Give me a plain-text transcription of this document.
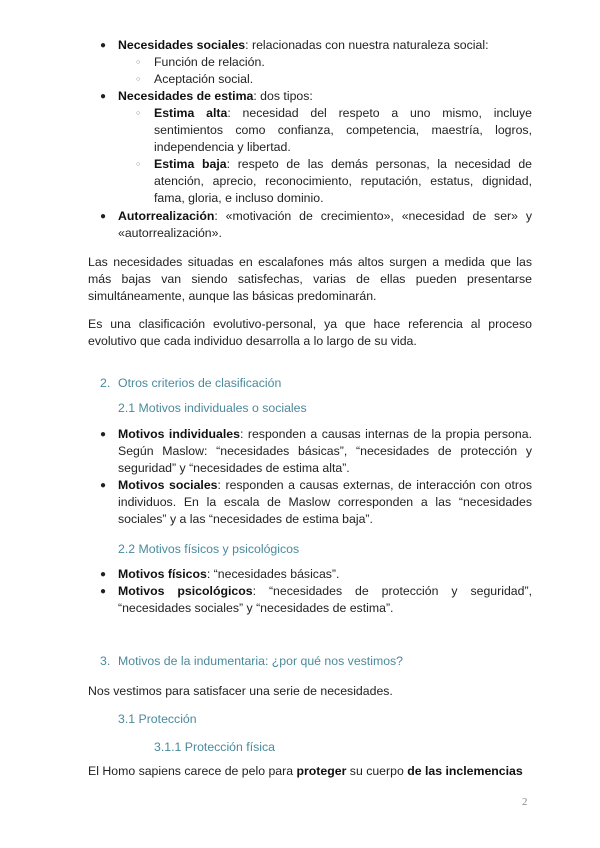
● Necesidades sociales: relacionadas con nuestra naturaleza social:
○ Función de relación.
○ Aceptación social.
● Necesidades de estima: dos tipos:
○ Estima alta: necesidad del respeto a uno mismo, incluye sentimientos como confianza, competencia, maestría, logros, independencia y libertad.
○ Estima baja: respeto de las demás personas, la necesidad de atención, aprecio, reconocimiento, reputación, estatus, dignidad, fama, gloria, e incluso dominio.
● Autorrealización: «motivación de crecimiento», «necesidad de ser» y «autorrealización».
Las necesidades situadas en escalafones más altos surgen a medida que las más bajas van siendo satisfechas, varias de ellas pueden presentarse simultáneamente, aunque las básicas predominarán.
Es una clasificación evolutivo-personal, ya que hace referencia al proceso evolutivo que cada individuo desarrolla a lo largo de su vida.
2. Otros criterios de clasificación
2.1 Motivos individuales o sociales
● Motivos individuales: responden a causas internas de la propia persona. Según Maslow: “necesidades básicas”, “necesidades de protección y seguridad” y “necesidades de estima alta”.
● Motivos sociales: responden a causas externas, de interacción con otros individuos. En la escala de Maslow corresponden a las “necesidades sociales” y a las “necesidades de estima baja”.
2.2 Motivos físicos y psicológicos
● Motivos físicos: “necesidades básicas”.
● Motivos psicológicos: “necesidades de protección y seguridad”, “necesidades sociales” y “necesidades de estima”.
3. Motivos de la indumentaria: ¿por qué nos vestimos?
Nos vestimos para satisfacer una serie de necesidades.
3.1 Protección
3.1.1 Protección física
El Homo sapiens carece de pelo para proteger su cuerpo de las inclemencias
2
